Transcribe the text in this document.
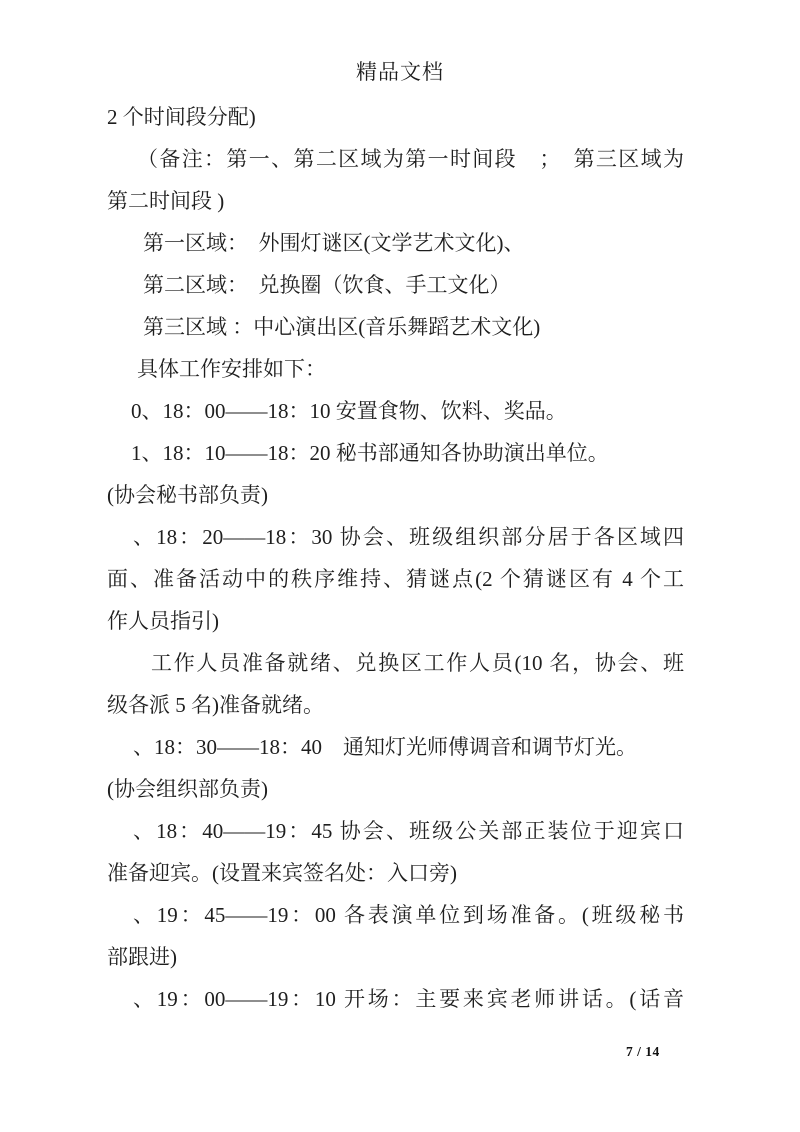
精品文档
2 个时间段分配)
（备注：第一、第二区域为第一时间段　；　第三区域为
第二时间段 )
第一区域：　外围灯谜区(文学艺术文化)、
第二区域：　兑换圈（饮食、手工文化）
第三区域 ：中心演出区(音乐舞蹈艺术文化)
具体工作安排如下：
0、18：00——18：10 安置食物、饮料、奖品。
1、18：10——18：20 秘书部通知各协助演出单位。
(协会秘书部负责)
、18：20——18：30 协会、班级组织部分居于各区域四
面、准备活动中的秩序维持、猜谜点(2 个猜谜区有 4 个工
作人员指引)
工作人员准备就绪、兑换区工作人员(10 名，协会、班
级各派 5 名)准备就绪。
、18：30——18：40　通知灯光师傅调音和调节灯光。
(协会组织部负责)
、18：40——19：45 协会、班级公关部正装位于迎宾口
准备迎宾。(设置来宾签名处：入口旁)
、19：45——19：00 各表演单位到场准备。(班级秘书
部跟进)
、19：00——19：10 开场：主要来宾老师讲话。(话音
7 / 14
